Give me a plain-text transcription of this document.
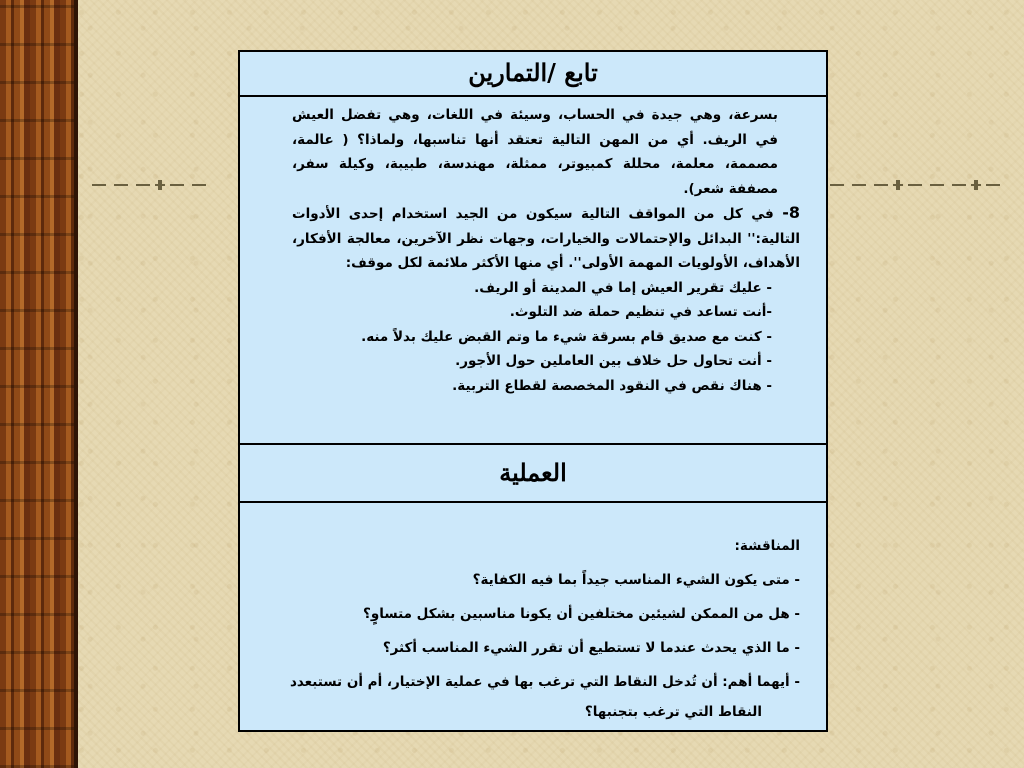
تابع /التمارين

بسرعة، وهي جيدة في الحساب، وسيئة في اللغات، وهي تفضل العيش في الريف. أي من المهن التالية تعتقد أنها تناسبها، ولماذا؟ ( عالمة، مصممة، معلمة، محللة كمبيوتر، ممثلة، مهندسة، طبيبة، وكيلة سفر، مصففة شعر).

8- في كل من المواقف التالية سيكون من الجيد استخدام إحدى الأدوات التالية:'' البدائل والإحتمالات والخيارات، وجهات نظر الآخرين، معالجة الأفكار، الأهداف، الأولويات المهمة الأولى''. أي منها الأكثر ملائمة لكل موقف:

- عليك تقرير العيش إما في المدينة أو الريف.

-أنت تساعد في تنظيم حملة ضد التلوث.

- كنت مع صديق قام بسرقة شيء ما وتم القبض عليك بدلاً منه.

- أنت تحاول حل خلاف بين العاملين حول الأجور.

- هناك نقص في النقود المخصصة لقطاع التربية.

العملية

المناقشة:

- متى يكون الشيء المناسب جيداً بما فيه الكفاية؟

- هل من الممكن لشيئين مختلفين أن يكونا مناسبين بشكل متساوٍ؟

- ما الذي يحدث عندما لا تستطيع أن تقرر الشيء المناسب أكثر؟

- أيهما أهم: أن تُدخل النقاط التي ترغب بها في عملية الإختيار، أم أن تستبعدد

النقاط التي ترغب بتجنبها؟
